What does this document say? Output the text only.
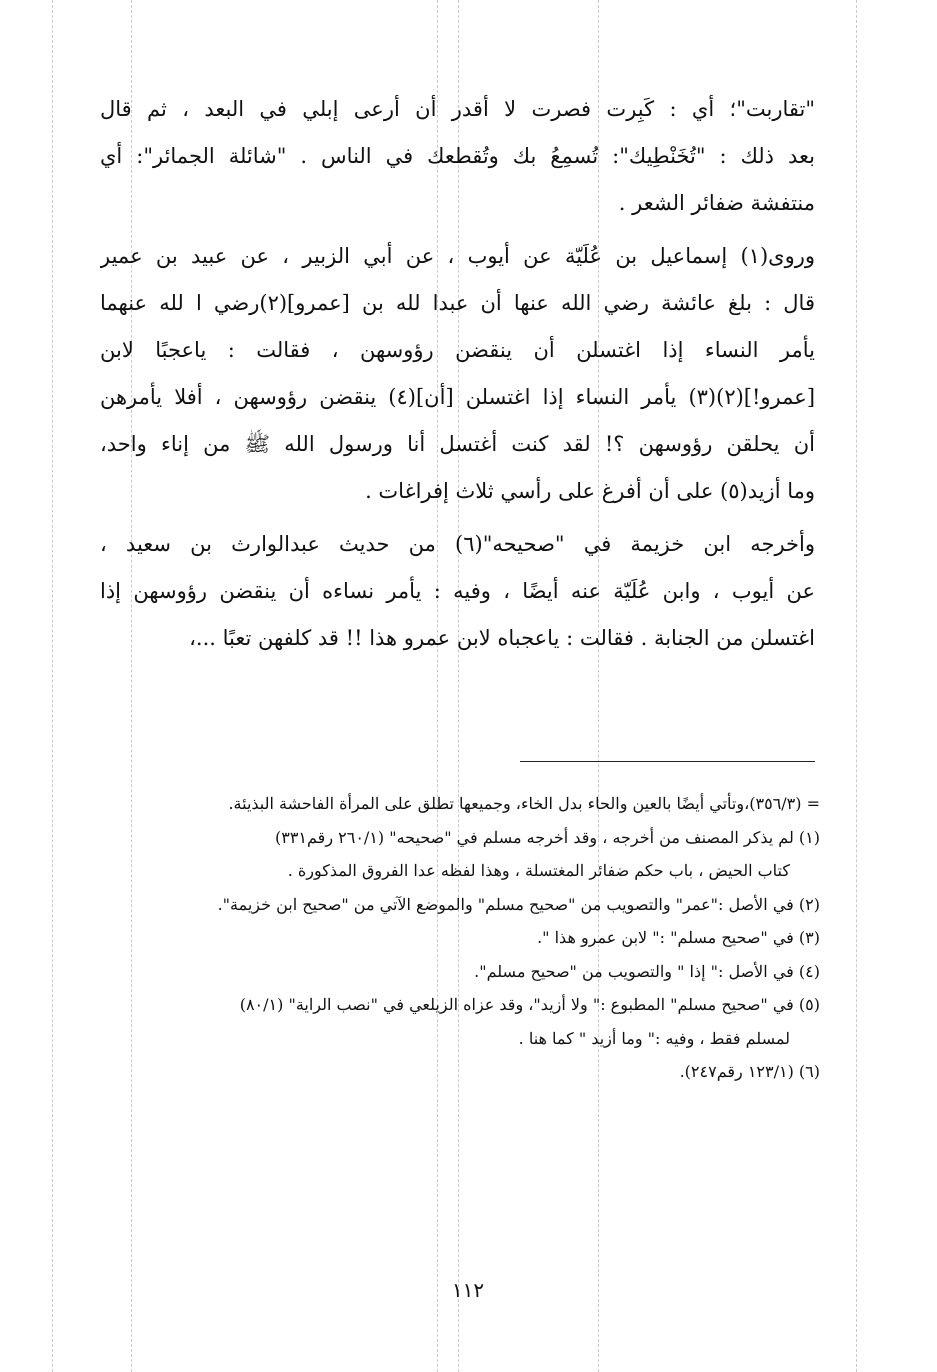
"تقاربت"؛ أي : كَبِرت فصرت لا أقدر أن أرعى إبلي في البعد ، ثم قال
بعد ذلك : "تُخَنْطِيك": تُسمِعُ بك وتُقطعك في الناس . "شائلة الجمائر": أي
منتفشة ضفائر الشعر .
وروى(١) إسماعيل بن عُلَيّة عن أيوب ، عن أبي الزبير ، عن عبيد بن عمير
قال : بلغ عائشة رضي الله عنها أن عبدا لله بن [عمرو](٢)رضي ا لله عنهما
يأمر النساء إذا اغتسلن أن ينقضن رؤوسهن ، فقالت : ياعجبًا لابن
[عمرو!](٢)(٣) يأمر النساء إذا اغتسلن [أن](٤) ينقضن رؤوسهن ، أفلا يأمرهن
أن يحلقن رؤوسهن ؟! لقد كنت أغتسل أنا ورسول الله ﷺ من إناء واحد،
وما أزيد(٥) على أن أفرغ على رأسي ثلاث إفراغات .
وأخرجه ابن خزيمة في "صحيحه"(٦) من حديث عبدالوارث بن سعيد ،
عن أيوب ، وابن عُلَيّة عنه أيضًا ، وفيه : يأمر نساءه أن ينقضن رؤوسهن إذا
اغتسلن من الجنابة . فقالت : ياعجباه لابن عمرو هذا !! قد كلفهن تعبًا ...،
= (٣٥٦/٣)،وتأتي أيضًا بالعين والحاء بدل الخاء، وجميعها تطلق على المرأة الفاحشة البذيئة.
(١) لم يذكر المصنف من أخرجه ، وقد أخرجه مسلم في "صحيحه" (٢٦٠/١ رقم٣٣١)
كتاب الحيض ، باب حكم ضفائر المغتسلة ، وهذا لفظه عدا الفروق المذكورة .
(٢) في الأصل :"عمر" والتصويب من "صحيح مسلم" والموضع الآتي من "صحيح ابن خزيمة".
(٣) في "صحيح مسلم" :" لابن عمرو هذا ".
(٤) في الأصل :" إذا " والتصويب من "صحيح مسلم".
(٥) في "صحيح مسلم" المطبوع :" ولا أزيد"، وقد عزاه الزيلعي في "نصب الراية" (٨٠/١)
لمسلم فقط ، وفيه :" وما أزيد " كما هنا .
(٦) (١٢٣/١ رقم٢٤٧).
١١٢
